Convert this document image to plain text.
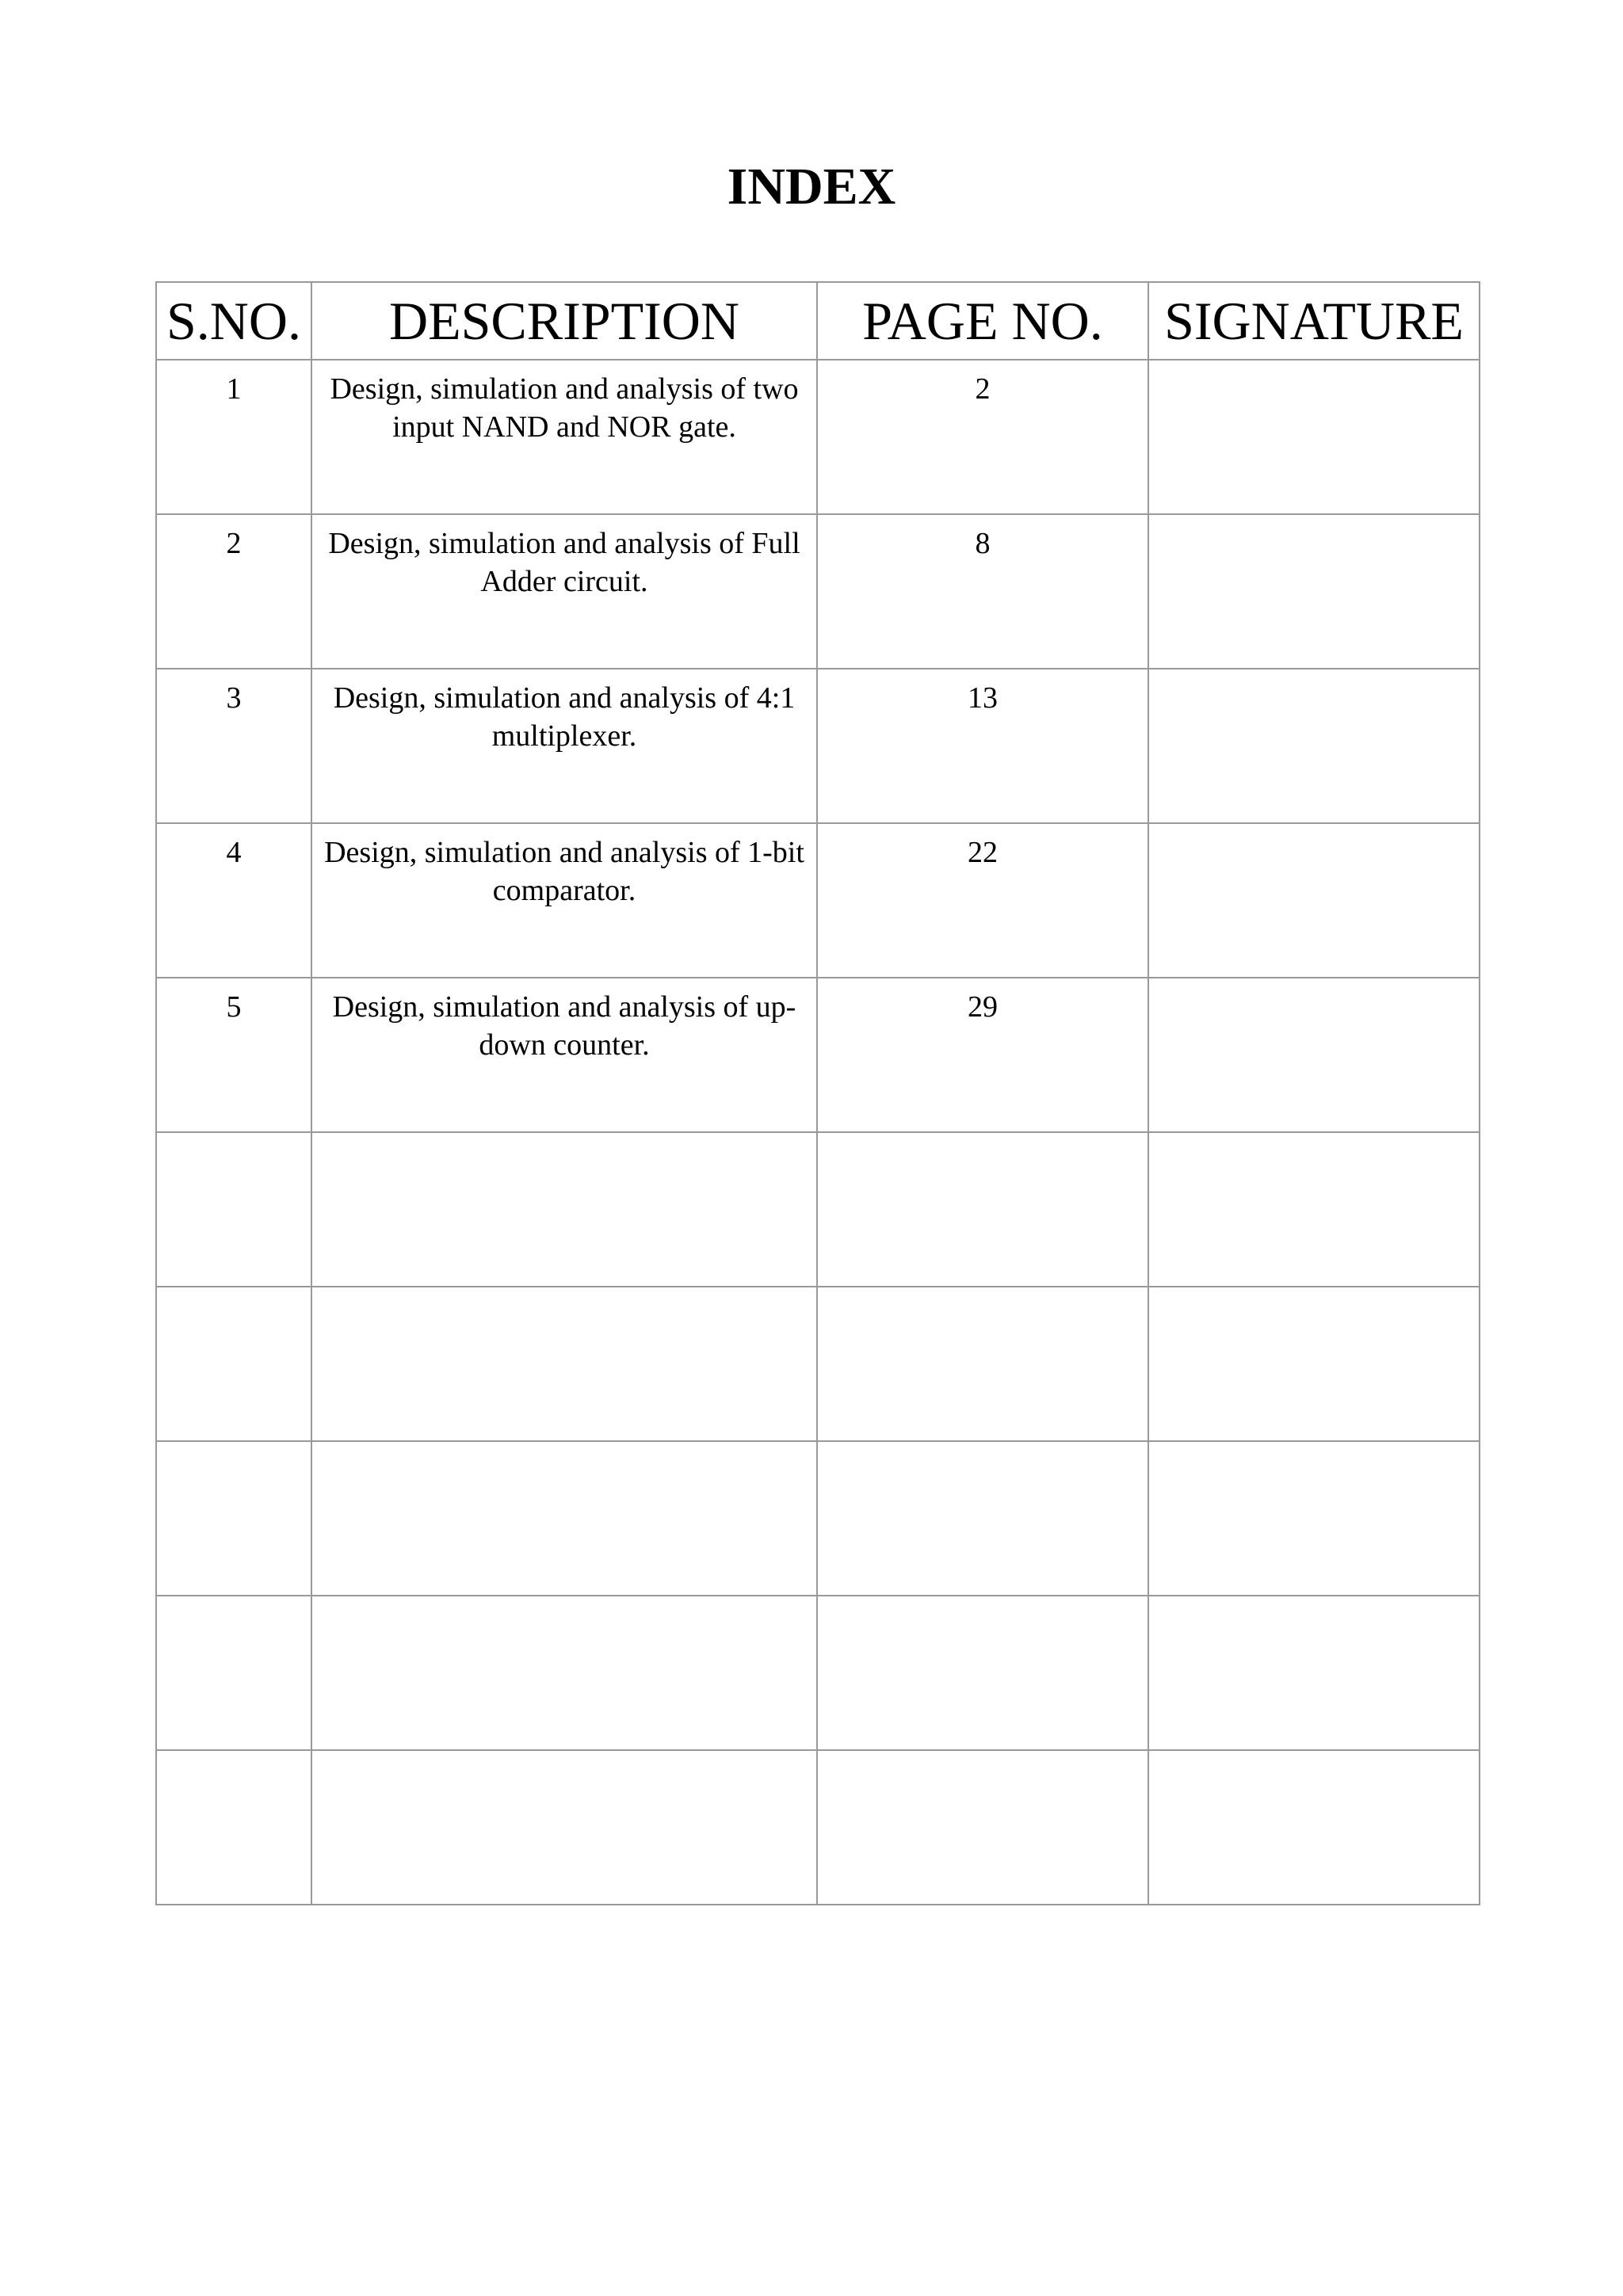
INDEX
S.NO.	DESCRIPTION	PAGE NO.	SIGNATURE
1	Design, simulation and analysis of two input NAND and NOR gate.	2	
2	Design, simulation and analysis of Full Adder circuit.	8	
3	Design, simulation and analysis of 4:1 multiplexer.	13	
4	Design, simulation and analysis of 1-bit comparator.	22	
5	Design, simulation and analysis of up-down counter.	29	
